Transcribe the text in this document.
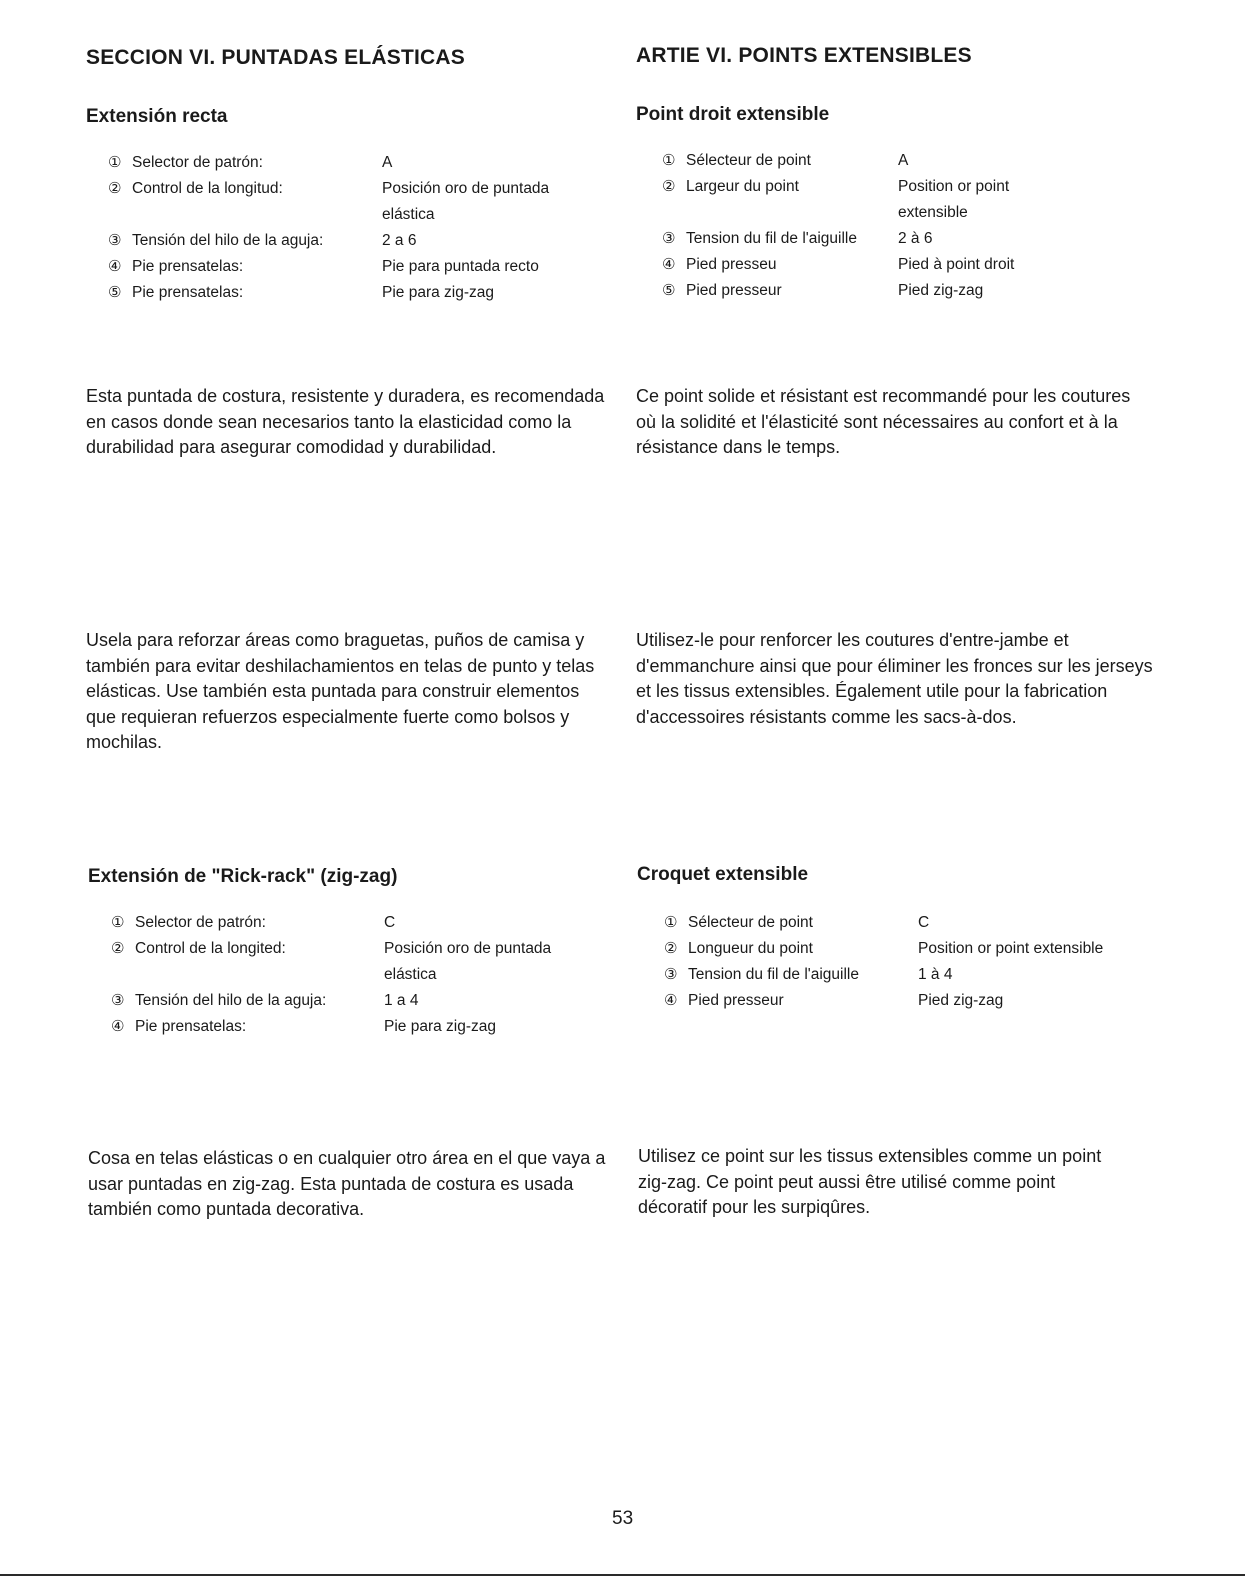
SECCION VI. PUNTADAS ELÁSTICAS
Extensión recta
① Selector de patrón:	A
② Control de la longitud:	Posición oro de puntada elástica
③ Tensión del hilo de la aguja:	2 a 6
④ Pie prensatelas:	Pie para puntada recto
⑤ Pie prensatelas:	Pie para zig-zag
Esta puntada de costura, resistente y duradera, es recomendada en casos donde sean necesarios tanto la elasticidad como la durabilidad para asegurar comodidad y durabilidad.
Usela para reforzar áreas como braguetas, puños de camisa y también para evitar deshilachamientos en telas de punto y telas elásticas. Use también esta puntada para construir elementos que requieran refuerzos especialmente fuerte como bolsos y mochilas.
Extensión de "Rick-rack" (zig-zag)
① Selector de patrón:	C
② Control de la longited:	Posición oro de puntada elástica
③ Tensión del hilo de la aguja:	1 a 4
④ Pie prensatelas:	Pie para zig-zag
Cosa en telas elásticas o en cualquier otro área en el que vaya a usar puntadas en zig-zag. Esta puntada de costura es usada también como puntada decorativa.
ARTIE VI. POINTS EXTENSIBLES
Point droit extensible
① Sélecteur de point	A
② Largeur du point	Position or point extensible
③ Tension du fil de l'aiguille	2 à 6
④ Pied presseu	Pied à point droit
⑤ Pied presseur	Pied zig-zag
Ce point solide et résistant est recommandé pour les coutures où la solidité et l'élasticité sont nécessaires au confort et à la résistance dans le temps.
Utilisez-le pour renforcer les coutures d'entre-jambe et d'emmanchure ainsi que pour éliminer les fronces sur les jerseys et les tissus extensibles. Également utile pour la fabrication d'accessoires résistants comme les sacs-à-dos.
Croquet extensible
① Sélecteur de point	C
② Longueur du point	Position or point extensible
③ Tension du fil de l'aiguille	1 à 4
④ Pied presseur	Pied zig-zag
Utilisez ce point sur les tissus extensibles comme un point zig-zag. Ce point peut aussi être utilisé comme point décoratif pour les surpiqûres.
53
